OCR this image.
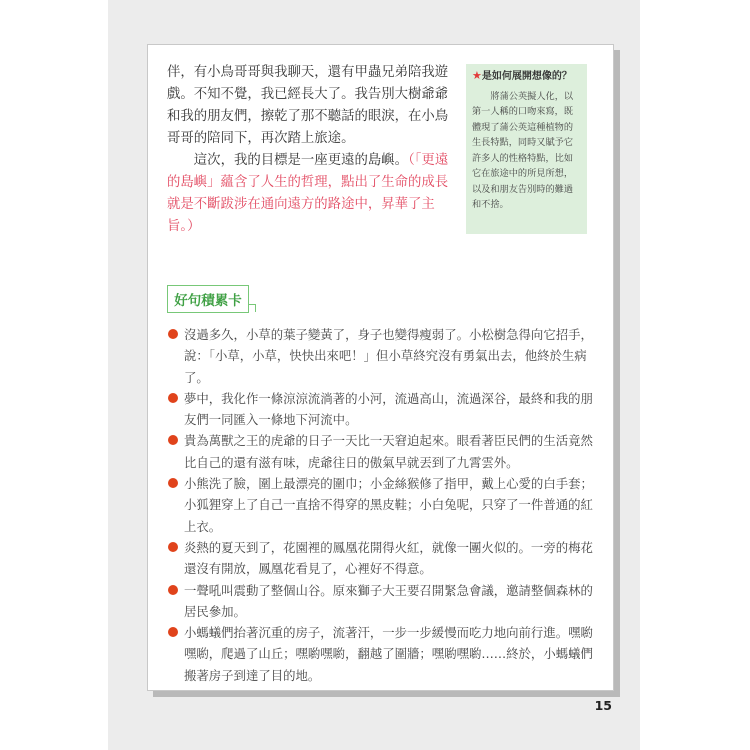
伴，有小鳥哥哥與我聊天，還有甲蟲兄弟陪我遊戲。不知不覺，我已經長大了。我告別大樹爺爺和我的朋友們，擦乾了那不聽話的眼淚，在小鳥哥哥的陪同下，再次踏上旅途。

這次，我的目標是一座更遠的島嶼。（「更遠的島嶼」蘊含了人生的哲理，點出了生命的成長就是不斷跋涉在通向遠方的路途中，昇華了主旨。）

★是如何展開想像的？
將蒲公英擬人化，以第一人稱的口吻來寫，既體現了蒲公英這種植物的生長特點，同時又賦予它許多人的性格特點，比如它在旅途中的所見所想，以及和朋友告別時的難過和不捨。
好句積累卡
沒過多久，小草的葉子變黃了，身子也變得瘦弱了。小松樹急得向它招手，說：「小草，小草，快快出來吧！」但小草終究沒有勇氣出去，他終於生病了。
夢中，我化作一條涼涼流淌著的小河，流過高山，流過深谷，最終和我的朋友們一同匯入一條地下河流中。
貴為萬獸之王的虎爺的日子一天比一天窘迫起來。眼看著臣民們的生活竟然比自己的還有滋有味，虎爺往日的傲氣早就丟到了九霄雲外。
小熊洗了臉，圍上最漂亮的圍巾；小金絲猴修了指甲，戴上心愛的白手套；小狐狸穿上了自己一直捨不得穿的黑皮鞋；小白兔呢，只穿了一件普通的紅上衣。
炎熱的夏天到了，花園裡的鳳凰花開得火紅，就像一團火似的。一旁的梅花還沒有開放，鳳凰花看見了，心裡好不得意。
一聲吼叫震動了整個山谷。原來獅子大王要召開緊急會議，邀請整個森林的居民參加。
小螞蟻們抬著沉重的房子，流著汗，一步一步緩慢而吃力地向前行進。嘿喲嘿喲，爬過了山丘；嘿喲嘿喲，翻越了圍牆；嘿喲嘿喲……終於，小螞蟻們搬著房子到達了目的地。
15
